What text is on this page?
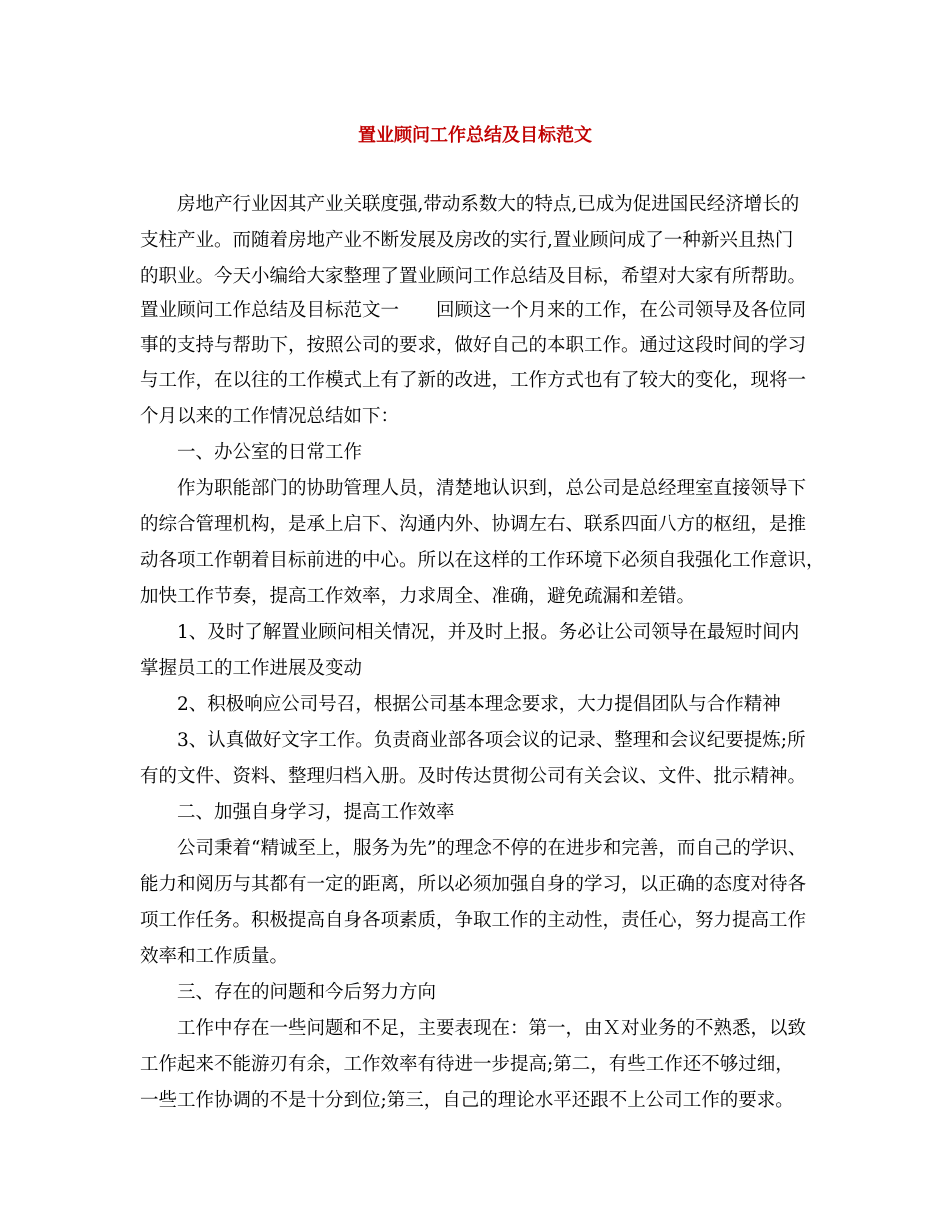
置业顾问工作总结及目标范文

　　房地产行业因其产业关联度强,带动系数大的特点,已成为促进国民经济增长的

支柱产业。而随着房地产业不断发展及房改的实行,置业顾问成了一种新兴且热门

的职业。今天小编给大家整理了置业顾问工作总结及目标，希望对大家有所帮助。

置业顾问工作总结及目标范文一　　回顾这一个月来的工作，在公司领导及各位同

事的支持与帮助下，按照公司的要求，做好自己的本职工作。通过这段时间的学习

与工作，在以往的工作模式上有了新的改进，工作方式也有了较大的变化，现将一

个月以来的工作情况总结如下：

　　一、办公室的日常工作

　　作为职能部门的协助管理人员，清楚地认识到，总公司是总经理室直接领导下

的综合管理机构，是承上启下、沟通内外、协调左右、联系四面八方的枢纽，是推

动各项工作朝着目标前进的中心。所以在这样的工作环境下必须自我强化工作意识，

加快工作节奏，提高工作效率，力求周全、准确，避免疏漏和差错。

　　1、及时了解置业顾问相关情况，并及时上报。务必让公司领导在最短时间内

掌握员工的工作进展及变动

　　2、积极响应公司号召，根据公司基本理念要求，大力提倡团队与合作精神

　　3、认真做好文字工作。负责商业部各项会议的记录、整理和会议纪要提炼;所

有的文件、资料、整理归档入册。及时传达贯彻公司有关会议、文件、批示精神。

　　二、加强自身学习，提高工作效率

　　公司秉着“精诚至上，服务为先”的理念不停的在进步和完善，而自己的学识、

能力和阅历与其都有一定的距离，所以必须加强自身的学习，以正确的态度对待各

项工作任务。积极提高自身各项素质，争取工作的主动性，责任心，努力提高工作

效率和工作质量。

　　三、存在的问题和今后努力方向

　　工作中存在一些问题和不足，主要表现在：第一，由Ｘ对业务的不熟悉，以致

工作起来不能游刃有余，工作效率有待进一步提高;第二，有些工作还不够过细，

一些工作协调的不是十分到位;第三，自己的理论水平还跟不上公司工作的要求。
